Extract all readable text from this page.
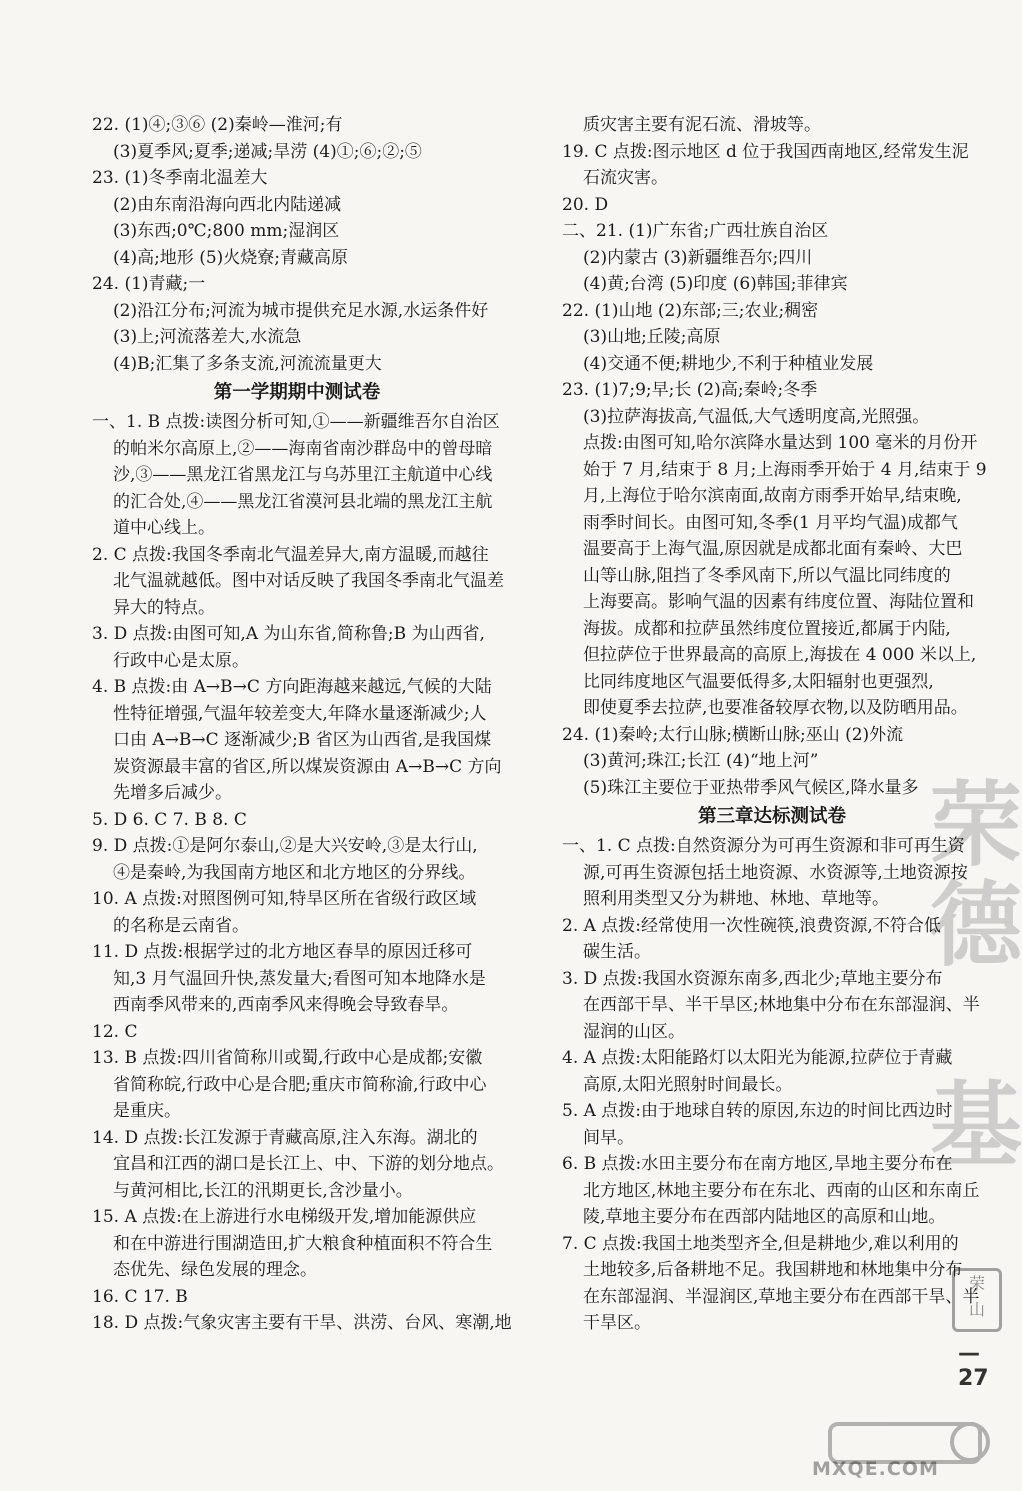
22. (1)④;③⑥ (2)秦岭—淮河;有
(3)夏季风;夏季;递减;旱涝 (4)①;⑥;②;⑤
23. (1)冬季南北温差大
(2)由东南沿海向西北内陆递减
(3)东西;0℃;800 mm;湿润区
(4)高;地形 (5)火烧寮;青藏高原
24. (1)青藏;一
(2)沿江分布;河流为城市提供充足水源,水运条件好
(3)上;河流落差大,水流急
(4)B;汇集了多条支流,河流流量更大
第一学期期中测试卷
一、1. B 点拨:读图分析可知,①——新疆维吾尔自治区
的帕米尔高原上,②——海南省南沙群岛中的曾母暗
沙,③——黑龙江省黑龙江与乌苏里江主航道中心线
的汇合处,④——黑龙江省漠河县北端的黑龙江主航
道中心线上。
2. C 点拨:我国冬季南北气温差异大,南方温暖,而越往
北气温就越低。图中对话反映了我国冬季南北气温差
异大的特点。
3. D 点拨:由图可知,A 为山东省,简称鲁;B 为山西省,
行政中心是太原。
4. B 点拨:由 A→B→C 方向距海越来越远,气候的大陆
性特征增强,气温年较差变大,年降水量逐渐减少;人
口由 A→B→C 逐渐减少;B 省区为山西省,是我国煤
炭资源最丰富的省区,所以煤炭资源由 A→B→C 方向
先增多后减少。
5. D 6. C 7. B 8. C
9. D 点拨:①是阿尔泰山,②是大兴安岭,③是太行山,
④是秦岭,为我国南方地区和北方地区的分界线。
10. A 点拨:对照图例可知,特旱区所在省级行政区域
的名称是云南省。
11. D 点拨:根据学过的北方地区春旱的原因迁移可
知,3 月气温回升快,蒸发量大;看图可知本地降水是
西南季风带来的,西南季风来得晚会导致春旱。
12. C
13. B 点拨:四川省简称川或蜀,行政中心是成都;安徽
省简称皖,行政中心是合肥;重庆市简称渝,行政中心
是重庆。
14. D 点拨:长江发源于青藏高原,注入东海。湖北的
宜昌和江西的湖口是长江上、中、下游的划分地点。
与黄河相比,长江的汛期更长,含沙量小。
15. A 点拨:在上游进行水电梯级开发,增加能源供应
和在中游进行围湖造田,扩大粮食种植面积不符合生
态优先、绿色发展的理念。
16. C 17. B
18. D 点拨:气象灾害主要有干旱、洪涝、台风、寒潮,地
质灾害主要有泥石流、滑坡等。
19. C 点拨:图示地区 d 位于我国西南地区,经常发生泥
石流灾害。
20. D
二、21. (1)广东省;广西壮族自治区
(2)内蒙古 (3)新疆维吾尔;四川
(4)黄;台湾 (5)印度 (6)韩国;菲律宾
22. (1)山地 (2)东部;三;农业;稠密
(3)山地;丘陵;高原
(4)交通不便;耕地少,不利于种植业发展
23. (1)7;9;早;长 (2)高;秦岭;冬季
(3)拉萨海拔高,气温低,大气透明度高,光照强。
点拨:由图可知,哈尔滨降水量达到 100 毫米的月份开
始于 7 月,结束于 8 月;上海雨季开始于 4 月,结束于 9
月,上海位于哈尔滨南面,故南方雨季开始早,结束晚,
雨季时间长。由图可知,冬季(1 月平均气温)成都气
温要高于上海气温,原因就是成都北面有秦岭、大巴
山等山脉,阻挡了冬季风南下,所以气温比同纬度的
上海要高。影响气温的因素有纬度位置、海陆位置和
海拔。成都和拉萨虽然纬度位置接近,都属于内陆,
但拉萨位于世界最高的高原上,海拔在 4 000 米以上,
比同纬度地区气温要低得多,太阳辐射也更强烈,
即使夏季去拉萨,也要准备较厚衣物,以及防晒用品。
24. (1)秦岭;太行山脉;横断山脉;巫山 (2)外流
(3)黄河;珠江;长江 (4)“地上河”
(5)珠江主要位于亚热带季风气候区,降水量多
第三章达标测试卷
一、1. C 点拨:自然资源分为可再生资源和非可再生资
源,可再生资源包括土地资源、水资源等,土地资源按
照利用类型又分为耕地、林地、草地等。
2. A 点拨:经常使用一次性碗筷,浪费资源,不符合低
碳生活。
3. D 点拨:我国水资源东南多,西北少;草地主要分布
在西部干旱、半干旱区;林地集中分布在东部湿润、半
湿润的山区。
4. A 点拨:太阳能路灯以太阳光为能源,拉萨位于青藏
高原,太阳光照射时间最长。
5. A 点拨:由于地球自转的原因,东边的时间比西边时
间早。
6. B 点拨:水田主要分布在南方地区,旱地主要分布在
北方地区,林地主要分布在东北、西南的山区和东南丘
陵,草地主要分布在西部内陆地区的高原和山地。
7. C 点拨:我国土地类型齐全,但是耕地少,难以利用的
土地较多,后备耕地不足。我国耕地和林地集中分布
在东部湿润、半湿润区,草地主要分布在西部干旱、半
干旱区。
荣
德
基
荣
山
— 27
MXQE.COM
